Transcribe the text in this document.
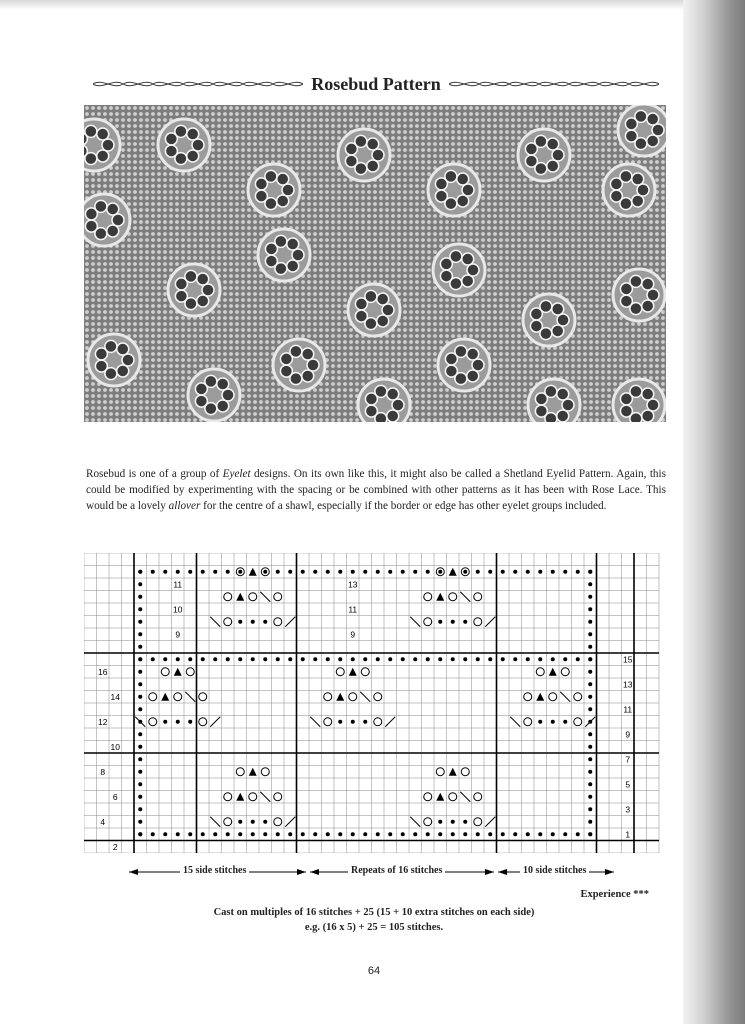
Rosebud Pattern

Rosebud is one of a group of Eyelet designs. On its own like this, it might also be called a Shetland Eyelid Pattern. Again, this could be modified by experimenting with the spacing or be combined with other patterns as it has been with Rose Lace. This would be a lovely allover for the centre of a shawl, especially if the border or edge has other eyelet groups included.

16
14
12
10
8
6
4
2
15
13
11
9
7
5
3
1
11
10
9
13
11
9
15 side stitches	Repeats of 16 stitches	10 side stitches
Experience ***
Cast on multiples of 16 stitches + 25 (15 + 10 extra stitches on each side)
e.g. (16 x 5) + 25 = 105 stitches.
64
